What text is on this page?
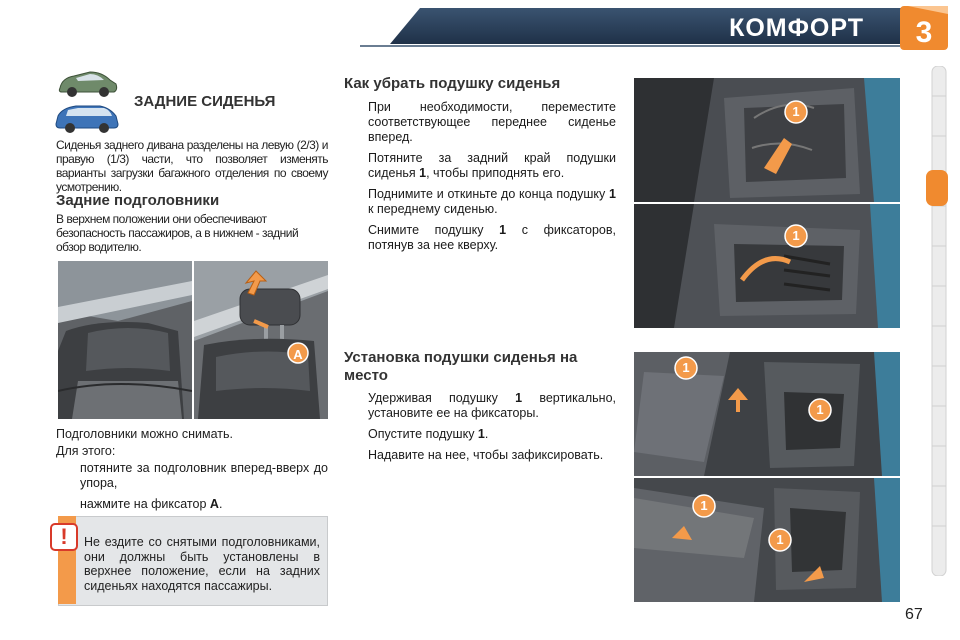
КОМФОРТ	3
ЗАДНИЕ СИДЕНЬЯ
Сиденья заднего дивана разделены на левую (2/3) и правую (1/3) части, что позволяет изменять варианты загрузки багажного отделения по своему усмотрению.
Задние подголовники
В верхнем положении они обеспечивают безопасность пассажиров, а в нижнем - задний обзор водителю.
A
Подголовники можно снимать.
Для этого:
потяните за подголовник вперед-вверх до упора,
нажмите на фиксатор A.
!	Не ездите со снятыми подголовниками, они должны быть установлены в верхнее положение, если на задних сиденьях находятся пассажиры.
Как убрать подушку сиденья
При необходимости, переместите соответствующее переднее сиденье вперед.
Потяните за задний край подушки сиденья 1, чтобы приподнять его.
Поднимите и откиньте до конца подушку 1 к переднему сиденью.
Снимите подушку 1 с фиксаторов, потянув за нее кверху.
Установка подушки сиденья на место
Удерживая подушку 1 вертикально, установите ее на фиксаторы.
Опустите подушку 1.
Надавите на нее, чтобы зафиксировать.
1
1
1
1
1
1
67
